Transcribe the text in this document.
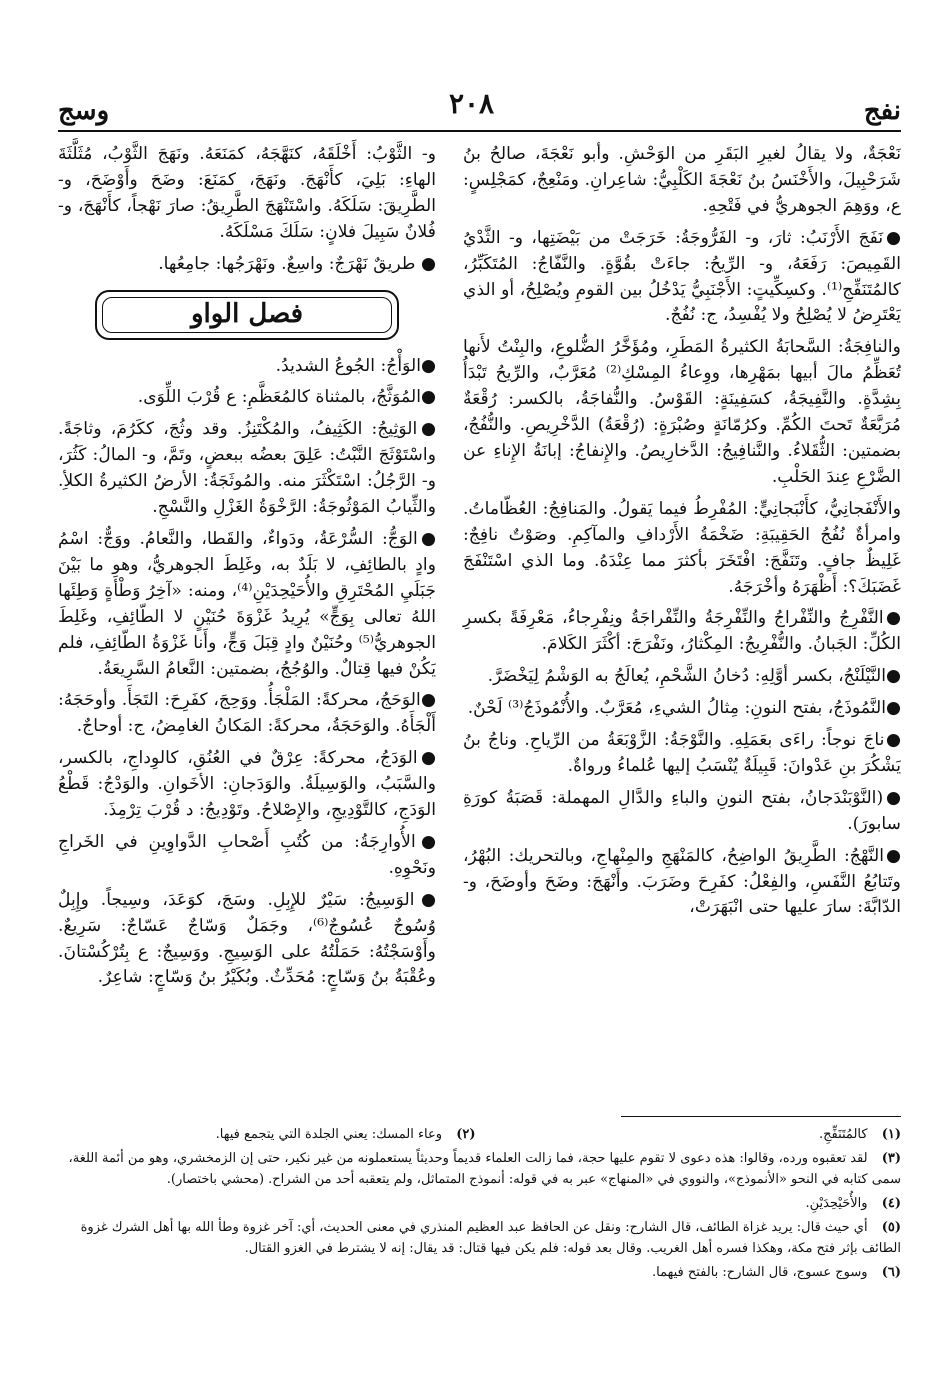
نفج
٢٠٨
وسج

نَعْجَةٌ، ولا يقالُ لغيرِ البَقَرِ من الوَحْشِ. وأبو نَعْجَةَ، صالحُ بنُ شَرَحْبِيلَ، والأَخْنَسُ بنُ نَعْجَةَ الكَلْبِيُّ: شاعِرانِ. ومَنْعِجٌ، كمَجْلِسٍ: ع، ووَهِمَ الجوهريُّ في فَتْحِهِ.

●نَفَجَ الأَرْنَبُ: ثارَ، و- الفَرُّوجَةُ: خَرَجَتْ من بَيْضَتِها، و- الثَّدْيُ القَمِيصَ: رَفَعَهُ، و- الرِّيحُ: جاءَتْ بقُوَّةٍ. والنَّفّاجُ: المُتَكَبِّرُ، كالمُتَنَفِّجِ⁽¹⁾. وكسِكِّيتٍ: الأَجْنَبِيُّ يَدْخُلُ بين القومِ ويُصْلِحُ، أو الذي يَعْتَرِضُ لا يُصْلِحُ ولا يُفْسِدُ، ج: نُفُجٌ.

والنافِجَةُ: السَّحابَةُ الكثيرةُ المَطَرِ، ومُؤَخَّرُ الضُّلوعِ، والبِنْتُ لأَنها تُعَظِّمُ مالَ أبيها بمَهْرِها، ووِعاءُ المِسْكِ⁽²⁾ مُعَرَّبٌ، والرِّيحُ تَبْدَأُ بِشِدَّةٍ. والنَّفِيجَةُ، كسَفِينَةٍ: القَوْسُ. والنُّفاجَةُ، بالكسر: رُقْعَةٌ مُرَبَّعَةٌ تَحتَ الكُمِّ. وكرُمّانَةٍ وصُبْرَةٍ: (رُقْعَةُ) الدَّخْرِيصِ. والنُّفُجُ، بضمتين: الثُّقَلاءُ. والنَّنافِيجُ: الدَّخارِيصُ. والإِنفاجُ: إبانَةُ الإِناءِ عن الضَّرْعِ عِندَ الحَلْبِ.

والأَنْفَجانِيُّ، كأَنْبَجانِيٍّ: المُفْرِطُ فيما يَقولُ. والمَنافِجُ: العُظّاماتُ. وامرأةٌ نُفُجُ الحَقِيبَةِ: ضَخْمَةُ الأَرْدافِ والمآكِمِ. وصَوْتٌ نافِجٌ: غَلِيظٌ جافٍ. وتَنَفَّجَ: افْتَخَرَ بأكثرَ مما عِنْدَهُ. وما الذي اسْتَنْفَجَ غَضَبَكَ؟: أَظْهَرَهُ وأخْرَجَهُ.

●النَّفْرِجُ والنِّفْراجُ والنِّفْرِجَةُ والنِّفْراجَةُ ونِفْرِجاءُ، مَعْرِفَةً بكسرِ الكُلِّ: الجَبانُ. والنُّفْرِيجُ: المِكْثارُ، ونَفْرَجَ: أكْثَرَ الكَلامَ.

●النَّيْلَنْجُ، بكسر أوَّلِهِ: دُخانُ الشَّحْمِ، يُعالَجُ به الوَشْمُ لِيَخْضَرَّ.

●النَّمُوذَجُ، بفتح النونِ: مِثالُ الشيءِ، مُعَرَّبٌ. والأُنْمُوذَجُ⁽³⁾ لَحْنٌ.

●ناجَ نوجاً: راءَى بعَمَلِهِ. والنَّوْجَةُ: الزَّوْبَعَةُ من الرِّياحِ. وناجُ بنُ يَشْكُرَ بنِ عَدْوانَ: قَبِيلَةٌ يُنْسَبُ إليها عُلماءُ ورواةٌ.

●(النَّوْبَنْدَجانُ، بفتح النونِ والباءِ والدَّالِ المهملة: قَصَبَةُ كورَةِ سابورَ).

●النَّهْجُ: الطَّرِيقُ الواضِحُ، كالمَنْهَجِ والمِنْهاجِ، وبالتحريك: البُهْرُ، وتَتابُعُ النَّفَسِ، والفِعْلُ: كفَرِحَ وضَرَبَ. وأَنْهَجَ: وضَحَ وأوضَحَ، و- الدّابَّةَ: سارَ عليها حتى انْبَهَرَتْ،

و- الثَّوْبُ: أَخْلَقَهُ، كنَهَّجَهُ، كمَنَعَهُ. ونَهَجَ الثَّوْبُ، مُثَلَّثَةَ الهاءِ: بَلِيَ، كأَنْهَجَ. ونَهَجَ، كمَنَعَ: وضَحَ وأَوْضَحَ، و- الطَّرِيقَ: سَلَكَهُ. واسْتَنْهَجَ الطَّرِيقُ: صارَ نَهْجاً، كأَنْهَجَ، و- فُلانٌ سَبِيلَ فلانٍ: سَلَكَ مَسْلَكَهُ.

● طريقٌ نَهْرَجٌ: واسِعٌ. ونَهْرَجُها: جامِعُها.

فصل الواو

●الوَأْجُ: الجُوعُ الشديدُ.

●المُوَثَّجُ، بالمثناة كالمُعَظَّمِ: ع قُرْبَ اللِّوَى.

●الوَثِيجُ: الكَثِيفُ، والمُكْتَنِزُ. وقد وثُجَ، ككَرُمَ، وثاجَةً. واسْتَوْثَجَ النَّبْتُ: عَلِقَ بعضُه ببعضٍ، وتَمَّ، و- المالُ: كَثُرَ، و- الرَّجُلُ: اسْتَكْثَرَ منه. والمُوثَجَةُ: الأرضُ الكثيرةُ الكلأِ. والثِّيابُ المَوْثُوجَةُ: الرَّخْوَةُ الغَزْلِ والنَّسْجِ.

●الوَجُّ: السُّرْعَةُ، ودَواءٌ، والقَطا، والنَّعامُ. ووَجٌّ: اسْمُ وادٍ بالطائِفِ، لا بَلَدٌ به، وغَلِطَ الجوهريُّ، وهو ما بَيْنَ جَبَلَيِ المُحْتَرِقِ والأُحَيْحِدَيْنِ⁽⁴⁾، ومنه: «آخِرُ وَطْأَةٍ وَطِئَها اللهُ تعالى بِوَجٍّ» يُرِيدُ غَزْوَةَ حُنَيْنٍ لا الطّائِفِ، وغَلِطَ الجوهريُّ⁽⁵⁾ وحُنَيْنٌ وادٍ قِبَلَ وَجٍّ، وأَنا غَزْوَةُ الطّائِفِ، فلم يَكُنْ فيها قِتالٌ. والوُجُجُ، بضمتين: النَّعامُ السَّرِيعَةُ.

●الوَحَجُ، محركةً: المَلْجَأُ. ووَحِجَ، كفَرِحَ: التَجَأَ. وأوحَجَهُ: أَلْجَأَهُ. والوَحَجَةُ، محركةً: المَكانُ الغامِضُ، ج: أوحاجٌ.

●الوَدَجُ، محركةً: عِرْقٌ في العُنُقِ، كالوِداجِ، بالكسر، والسَّبَبُ، والوَسِيلَةُ. والوَدَجانِ: الأخَوانِ. والوَدْجُ: قَطْعُ الوَدَجِ، كالتَّوْدِيجِ، والإِصْلاحُ. وتَوْدِيجُ: د قُرْبَ تِرْمِذَ.

●الأُوارِجَةُ: من كُتُبِ أَصْحابِ الدَّواوِينِ في الخَراجِ ونَحْوِهِ.

●الوَسِيجُ: سَيْرٌ للإِبِلِ. وسَجَ، كوَعَدَ، وسِيجاً. وإِبِلٌ وُسُوجٌ عُسُوجٌ⁽⁶⁾، وجَمَلٌ وَسّاجٌ عَسّاجٌ: سَرِيعٌ. وأَوْسَجْتُهُ: حَمَلْتُهُ على الوَسِيجِ. ووَسِيجٌ: ع بِتُرْكُسْتانَ. وعُقْبَةُ بنُ وَسّاجٍ: مُحَدِّثٌ. وبُكَيْرُ بنُ وَسّاجٍ: شاعِرٌ.

(١) كالمُتَنَفِّجِ.
(٢) وعاء المسك: يعني الجلدة التي يتجمع فيها.
(٣) لقد تعقبوه ورده، وقالوا: هذه دعوى لا تقوم عليها حجة، فما زالت العلماء قديماً وحديثاً يستعملونه من غير نكير، حتى إن الزمخشري، وهو من أئمة اللغة، سمى كتابه في النحو «الأنموذج»، والنووي في «المنهاج» عبر به في قوله: أنموذج المتماثل، ولم يتعقبه أحد من الشراح. (محشي باختصار).
(٤) والأُحَيْحِدَيْنِ.
(٥) أي حيث قال: يريد غزاة الطائف، قال الشارح: ونقل عن الحافظ عبد العظيم المنذري في معنى الحديث، أي: آخر غزوة وطأ الله بها أهل الشرك غزوة الطائف بإثر فتح مكة، وهكذا فسره أهل الغريب. وقال بعد قوله: فلم يكن فيها قتال: قد يقال: إنه لا يشترط في الغزو القتال.
(٦) وسوج عسوج، قال الشارح: بالفتح فيهما.
